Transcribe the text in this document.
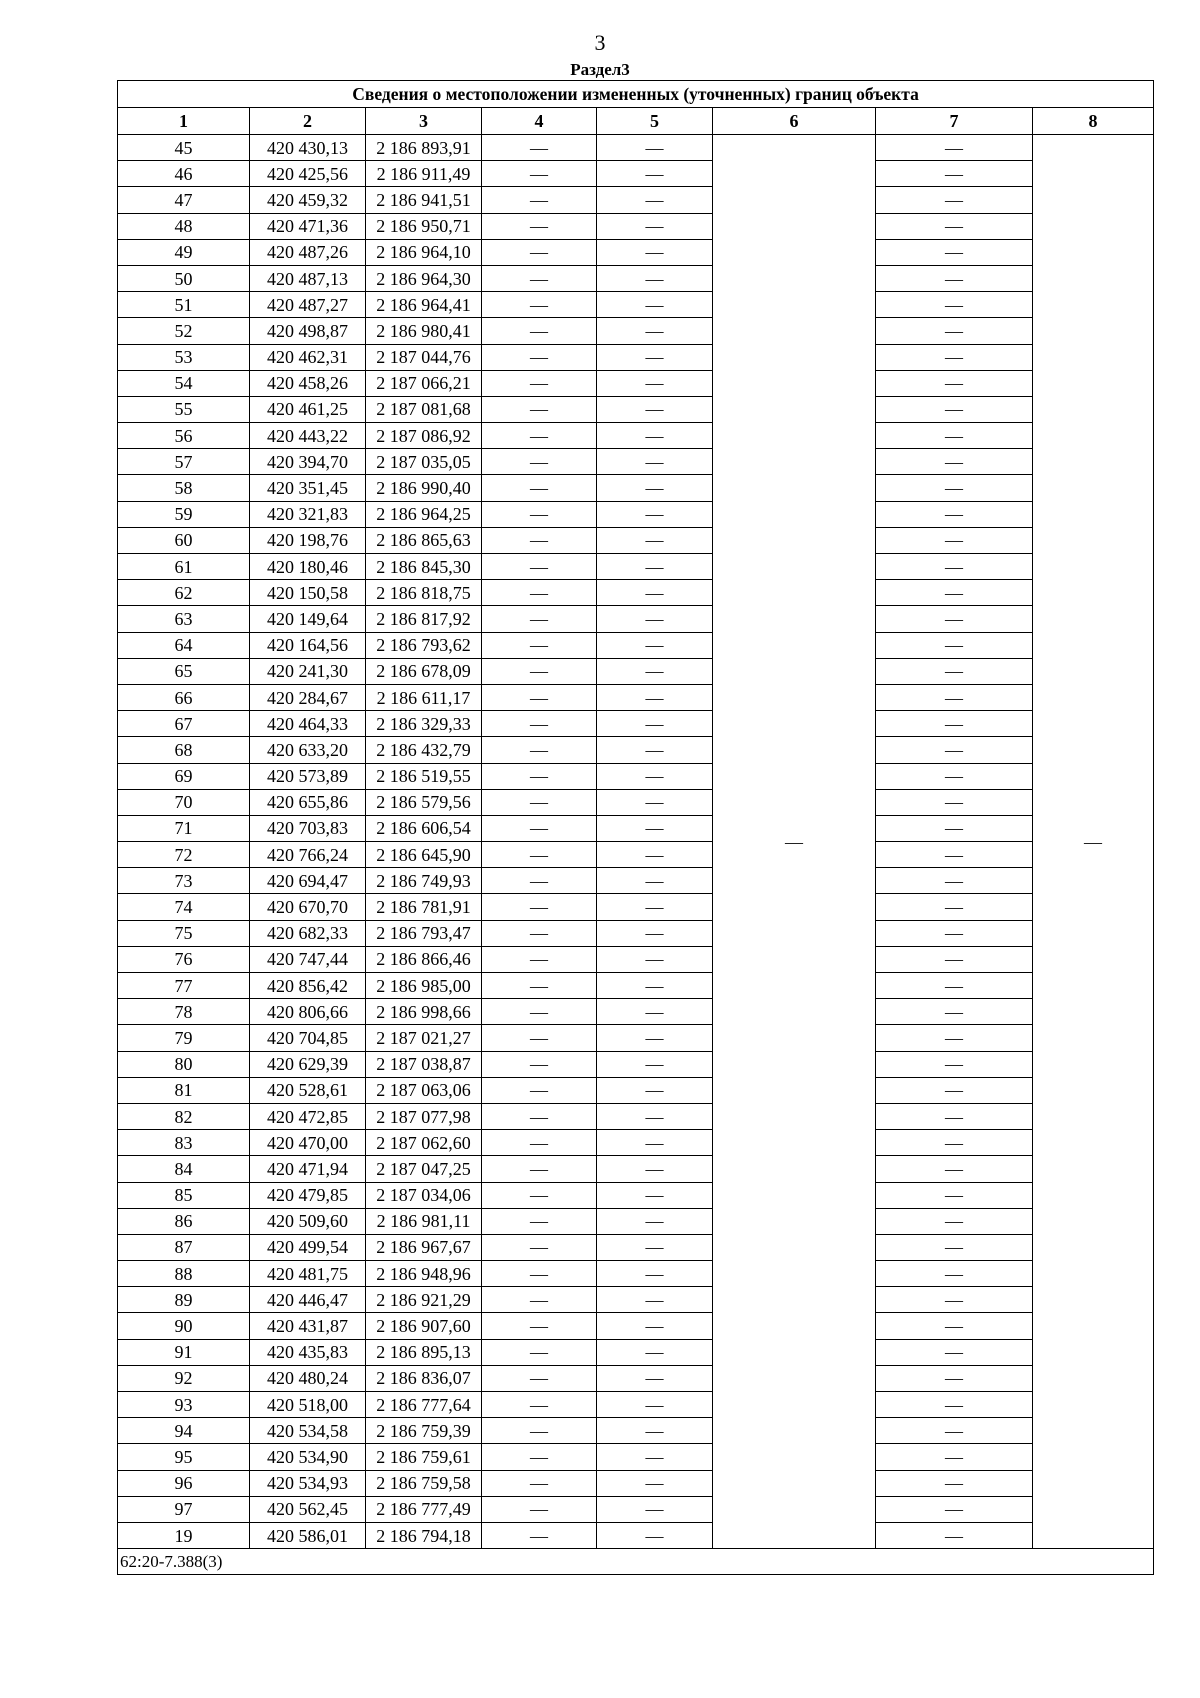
3
Раздел3
Сведения о местоположении измененных (уточненных) границ объекта							
1	2	3	4	5	6	7	8
45	420 430,13	2 186 893,91	—	—	—	—	—
46	420 425,56	2 186 911,49	—	—		—	
47	420 459,32	2 186 941,51	—	—		—	
48	420 471,36	2 186 950,71	—	—		—	
49	420 487,26	2 186 964,10	—	—		—	
50	420 487,13	2 186 964,30	—	—		—	
51	420 487,27	2 186 964,41	—	—		—	
52	420 498,87	2 186 980,41	—	—		—	
53	420 462,31	2 187 044,76	—	—		—	
54	420 458,26	2 187 066,21	—	—		—	
55	420 461,25	2 187 081,68	—	—		—	
56	420 443,22	2 187 086,92	—	—		—	
57	420 394,70	2 187 035,05	—	—		—	
58	420 351,45	2 186 990,40	—	—		—	
59	420 321,83	2 186 964,25	—	—		—	
60	420 198,76	2 186 865,63	—	—		—	
61	420 180,46	2 186 845,30	—	—		—	
62	420 150,58	2 186 818,75	—	—		—	
63	420 149,64	2 186 817,92	—	—		—	
64	420 164,56	2 186 793,62	—	—		—	
65	420 241,30	2 186 678,09	—	—		—	
66	420 284,67	2 186 611,17	—	—		—	
67	420 464,33	2 186 329,33	—	—		—	
68	420 633,20	2 186 432,79	—	—		—	
69	420 573,89	2 186 519,55	—	—		—	
70	420 655,86	2 186 579,56	—	—		—	
71	420 703,83	2 186 606,54	—	—		—	
72	420 766,24	2 186 645,90	—	—		—	
73	420 694,47	2 186 749,93	—	—		—	
74	420 670,70	2 186 781,91	—	—		—	
75	420 682,33	2 186 793,47	—	—		—	
76	420 747,44	2 186 866,46	—	—		—	
77	420 856,42	2 186 985,00	—	—		—	
78	420 806,66	2 186 998,66	—	—		—	
79	420 704,85	2 187 021,27	—	—		—	
80	420 629,39	2 187 038,87	—	—		—	
81	420 528,61	2 187 063,06	—	—		—	
82	420 472,85	2 187 077,98	—	—		—	
83	420 470,00	2 187 062,60	—	—		—	
84	420 471,94	2 187 047,25	—	—		—	
85	420 479,85	2 187 034,06	—	—		—	
86	420 509,60	2 186 981,11	—	—		—	
87	420 499,54	2 186 967,67	—	—		—	
88	420 481,75	2 186 948,96	—	—		—	
89	420 446,47	2 186 921,29	—	—		—	
90	420 431,87	2 186 907,60	—	—		—	
91	420 435,83	2 186 895,13	—	—		—	
92	420 480,24	2 186 836,07	—	—		—	
93	420 518,00	2 186 777,64	—	—		—	
94	420 534,58	2 186 759,39	—	—		—	
95	420 534,90	2 186 759,61	—	—		—	
96	420 534,93	2 186 759,58	—	—		—	
97	420 562,45	2 186 777,49	—	—		—	
19	420 586,01	2 186 794,18	—	—		—	
62:20-7.388(3)							
